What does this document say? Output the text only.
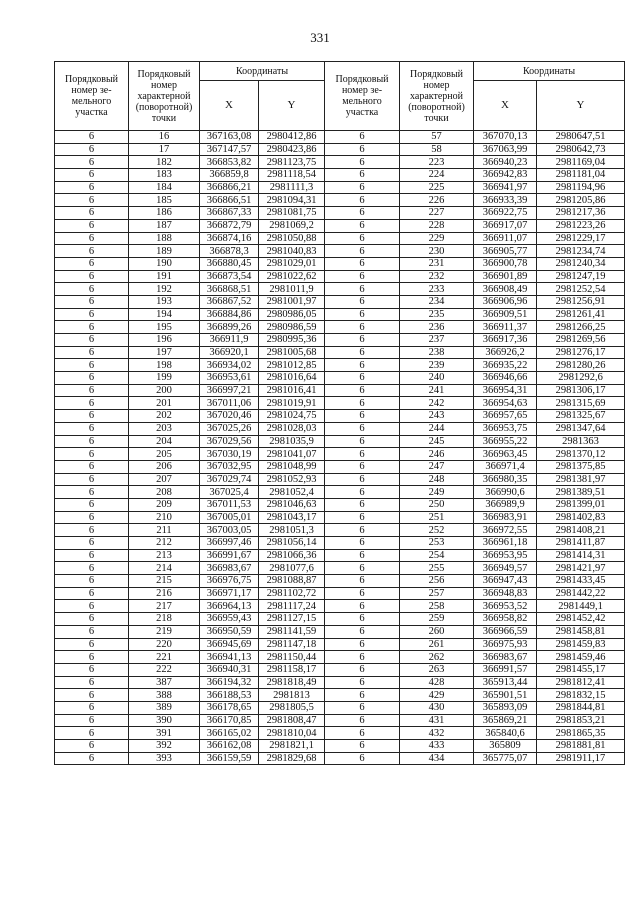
331
Порядковый номер зе-мельного участка	Порядковый номер характерной (поворотной) точки	Координаты		Порядковый номер зе-мельного участка	Порядковый номер характерной (поворотной) точки	Координаты	
		X	Y			X	Y
6	16	367163,08	2980412,86	6	57	367070,13	2980647,51
6	17	367147,57	2980423,86	6	58	367063,99	2980642,73
6	182	366853,82	2981123,75	6	223	366940,23	2981169,04
6	183	366859,8	2981118,54	6	224	366942,83	2981181,04
6	184	366866,21	2981111,3	6	225	366941,97	2981194,96
6	185	366866,51	2981094,31	6	226	366933,39	2981205,86
6	186	366867,33	2981081,75	6	227	366922,75	2981217,36
6	187	366872,79	2981069,2	6	228	366917,07	2981223,26
6	188	366874,16	2981050,88	6	229	366911,07	2981229,17
6	189	366878,3	2981040,83	6	230	366905,77	2981234,74
6	190	366880,45	2981029,01	6	231	366900,78	2981240,34
6	191	366873,54	2981022,62	6	232	366901,89	2981247,19
6	192	366868,51	2981011,9	6	233	366908,49	2981252,54
6	193	366867,52	2981001,97	6	234	366906,96	2981256,91
6	194	366884,86	2980986,05	6	235	366909,51	2981261,41
6	195	366899,26	2980986,59	6	236	366911,37	2981266,25
6	196	366911,9	2980995,36	6	237	366917,36	2981269,56
6	197	366920,1	2981005,68	6	238	366926,2	2981276,17
6	198	366934,02	2981012,85	6	239	366935,22	2981280,26
6	199	366953,61	2981016,64	6	240	366946,66	2981292,6
6	200	366997,21	2981016,41	6	241	366954,31	2981306,17
6	201	367011,06	2981019,91	6	242	366954,63	2981315,69
6	202	367020,46	2981024,75	6	243	366957,65	2981325,67
6	203	367025,26	2981028,03	6	244	366953,75	2981347,64
6	204	367029,56	2981035,9	6	245	366955,22	2981363
6	205	367030,19	2981041,07	6	246	366963,45	2981370,12
6	206	367032,95	2981048,99	6	247	366971,4	2981375,85
6	207	367029,74	2981052,93	6	248	366980,35	2981381,97
6	208	367025,4	2981052,4	6	249	366990,6	2981389,51
6	209	367011,53	2981046,63	6	250	366989,9	2981399,01
6	210	367005,01	2981043,17	6	251	366983,91	2981402,83
6	211	367003,05	2981051,3	6	252	366972,55	2981408,21
6	212	366997,46	2981056,14	6	253	366961,18	2981411,87
6	213	366991,67	2981066,36	6	254	366953,95	2981414,31
6	214	366983,67	2981077,6	6	255	366949,57	2981421,97
6	215	366976,75	2981088,87	6	256	366947,43	2981433,45
6	216	366971,17	2981102,72	6	257	366948,83	2981442,22
6	217	366964,13	2981117,24	6	258	366953,52	2981449,1
6	218	366959,43	2981127,15	6	259	366958,82	2981452,42
6	219	366950,59	2981141,59	6	260	366966,59	2981458,81
6	220	366945,69	2981147,18	6	261	366975,93	2981459,83
6	221	366941,13	2981150,44	6	262	366983,67	2981459,46
6	222	366940,31	2981158,17	6	263	366991,57	2981455,17
6	387	366194,32	2981818,49	6	428	365913,44	2981812,41
6	388	366188,53	2981813	6	429	365901,51	2981832,15
6	389	366178,65	2981805,5	6	430	365893,09	2981844,81
6	390	366170,85	2981808,47	6	431	365869,21	2981853,21
6	391	366165,02	2981810,04	6	432	365840,6	2981865,35
6	392	366162,08	2981821,1	6	433	365809	2981881,81
6	393	366159,59	2981829,68	6	434	365775,07	2981911,17
